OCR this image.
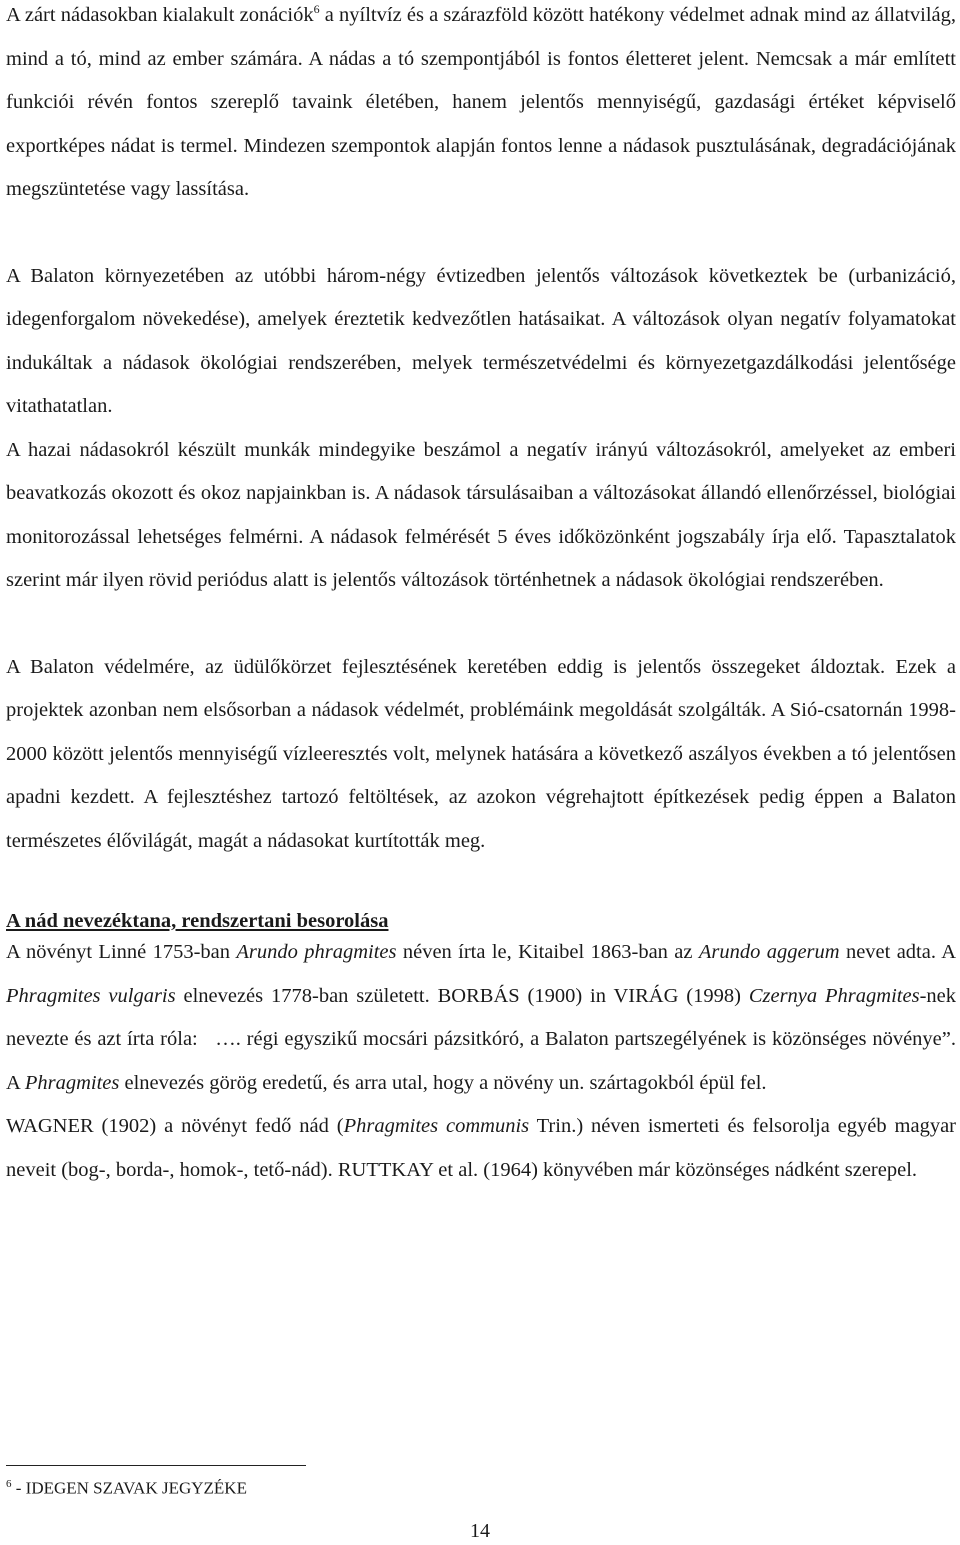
A zárt nádasokban kialakult zonációk$^6$ a nyíltvíz és a szárazföld között hatékony védelmet adnak mind az állatvilág, mind a tó, mind az ember számára. A nádas a tó szempontjából is fontos életteret jelent. Nemcsak a már említett funkciói révén fontos szereplő tavaink életében, hanem jelentős mennyiségű, gazdasági értéket képviselő exportképes nádat is termel. Mindezen szempontok alapján fontos lenne a nádasok pusztulásának, degradációjának megszüntetése vagy lassítása.

A Balaton környezetében az utóbbi három-négy évtizedben jelentős változások következtek be (urbanizáció, idegenforgalom növekedése), amelyek éreztetik kedvezőtlen hatásaikat. A változások olyan negatív folyamatokat indukáltak a nádasok ökológiai rendszerében, melyek természetvédelmi és környezetgazdálkodási jelentősége vitathatatlan.

A hazai nádasokról készült munkák mindegyike beszámol a negatív irányú változásokról, amelyeket az emberi beavatkozás okozott és okoz napjainkban is. A nádasok társulásaiban a változásokat állandó ellenőrzéssel, biológiai monitorozással lehetséges felmérni. A nádasok felmérését 5 éves időközönként jogszabály írja elő. Tapasztalatok szerint már ilyen rövid periódus alatt is jelentős változások történhetnek a nádasok ökológiai rendszerében.

A Balaton védelmére, az üdülőkörzet fejlesztésének keretében eddig is jelentős összegeket áldoztak. Ezek a projektek azonban nem elsősorban a nádasok védelmét, problémáink megoldását szolgálták. A Sió-csatornán 1998-2000 között jelentős mennyiségű vízleeresztés volt, melynek hatására a következő aszályos években a tó jelentősen apadni kezdett. A fejlesztéshez tartozó feltöltések, az azokon végrehajtott építkezések pedig éppen a Balaton természetes élővilágát, magát a nádasokat kurtították meg.

A nád nevezéktana, rendszertani besorolása

A növényt Linné 1753-ban Arundo phragmites néven írta le, Kitaibel 1863-ban az Arundo aggerum nevet adta. A Phragmites vulgaris elnevezés 1778-ban született. BORBÁS (1900) in VIRÁG (1998) Czernya Phragmites-nek nevezte és azt írta róla:   …. régi egyszikű mocsári pázsitkóró, a Balaton partszegélyének is közönséges növénye”. A Phragmites elnevezés görög eredetű, és arra utal, hogy a növény un. szártagokból épül fel.

WAGNER (1902) a növényt fedő nád (Phragmites communis Trin.) néven ismerteti és felsorolja egyéb magyar neveit (bog-, borda-, homok-, tető-nád). RUTTKAY et al. (1964) könyvében már közönséges nádként szerepel.

$^6$ - IDEGEN SZAVAK JEGYZÉKE
14
